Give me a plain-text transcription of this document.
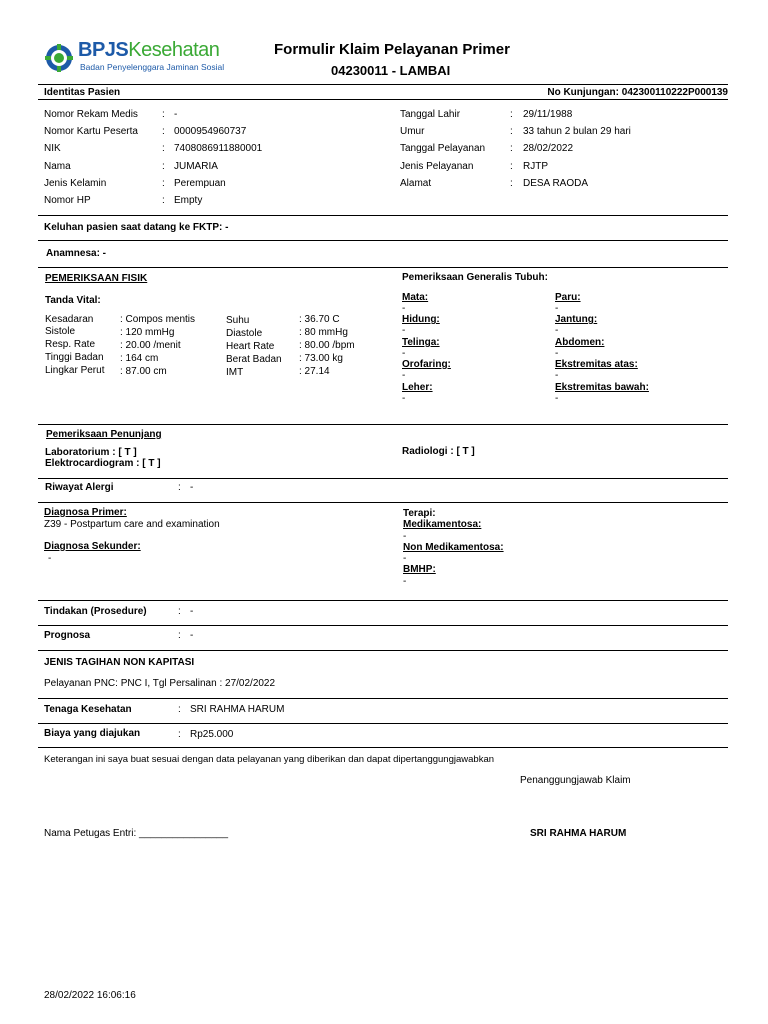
BPJSKesehatan
Badan Penyelenggara Jaminan Sosial
Formulir Klaim Pelayanan Primer
04230011 - LAMBAI
Identitas Pasien	No Kunjungan: 042300110222P000139
Nomor Rekam Medis : -
Nomor Kartu Peserta : 0000954960737
NIK	: 7408086911880001
Nama	: JUMARIA
Jenis Kelamin	: Perempuan
Nomor HP	: Empty
Tanggal Lahir	: 29/11/1988
Umur	: 33 tahun 2 bulan 29 hari
Tanggal Pelayanan : 28/02/2022
Jenis Pelayanan	: RJTP
Alamat	: DESA RAODA
Keluhan pasien saat datang ke FKTP: -
Anamnesa: -
PEMERIKSAAN FISIK
Tanda Vital:
Kesadaran	: Compos mentis
Sistole	: 120 mmHg
Resp. Rate : 20.00 /menit
Tinggi Badan : 164 cm
Lingkar Perut : 87.00 cm
Suhu	: 36.70 C
Diastole	: 80 mmHg
Heart Rate : 80.00 /bpm
Berat Badan : 73.00 kg
IMT	: 27.14
Pemeriksaan Generalis Tubuh:
Mata:
-
Hidung:
-
Telinga:
-
Orofaring:
-
Leher:
-
Paru:
-
Jantung:
-
Abdomen:
-
Ekstremitas atas:
-
Ekstremitas bawah:
-
Pemeriksaan Penunjang
Laboratorium : [ T ]
Elektrocardiogram : [ T ]
Radiologi : [ T ]
Riwayat Alergi	: -
Diagnosa Primer:
Z39 - Postpartum care and examination
Diagnosa Sekunder:
-
Terapi:
Medikamentosa:
-
Non Medikamentosa:
-
BMHP:
-
Tindakan (Prosedure)	: -
Prognosa	: -
JENIS TAGIHAN NON KAPITASI
Pelayanan PNC: PNC I, Tgl Persalinan : 27/02/2022
Tenaga Kesehatan	: SRI RAHMA HARUM
Biaya yang diajukan	: Rp25.000
Keterangan ini saya buat sesuai dengan data pelayanan yang diberikan dan dapat dipertanggungjawabkan
Penanggungjawab Klaim
Nama Petugas Entri: ________________	SRI RAHMA HARUM
28/02/2022 16:06:16
